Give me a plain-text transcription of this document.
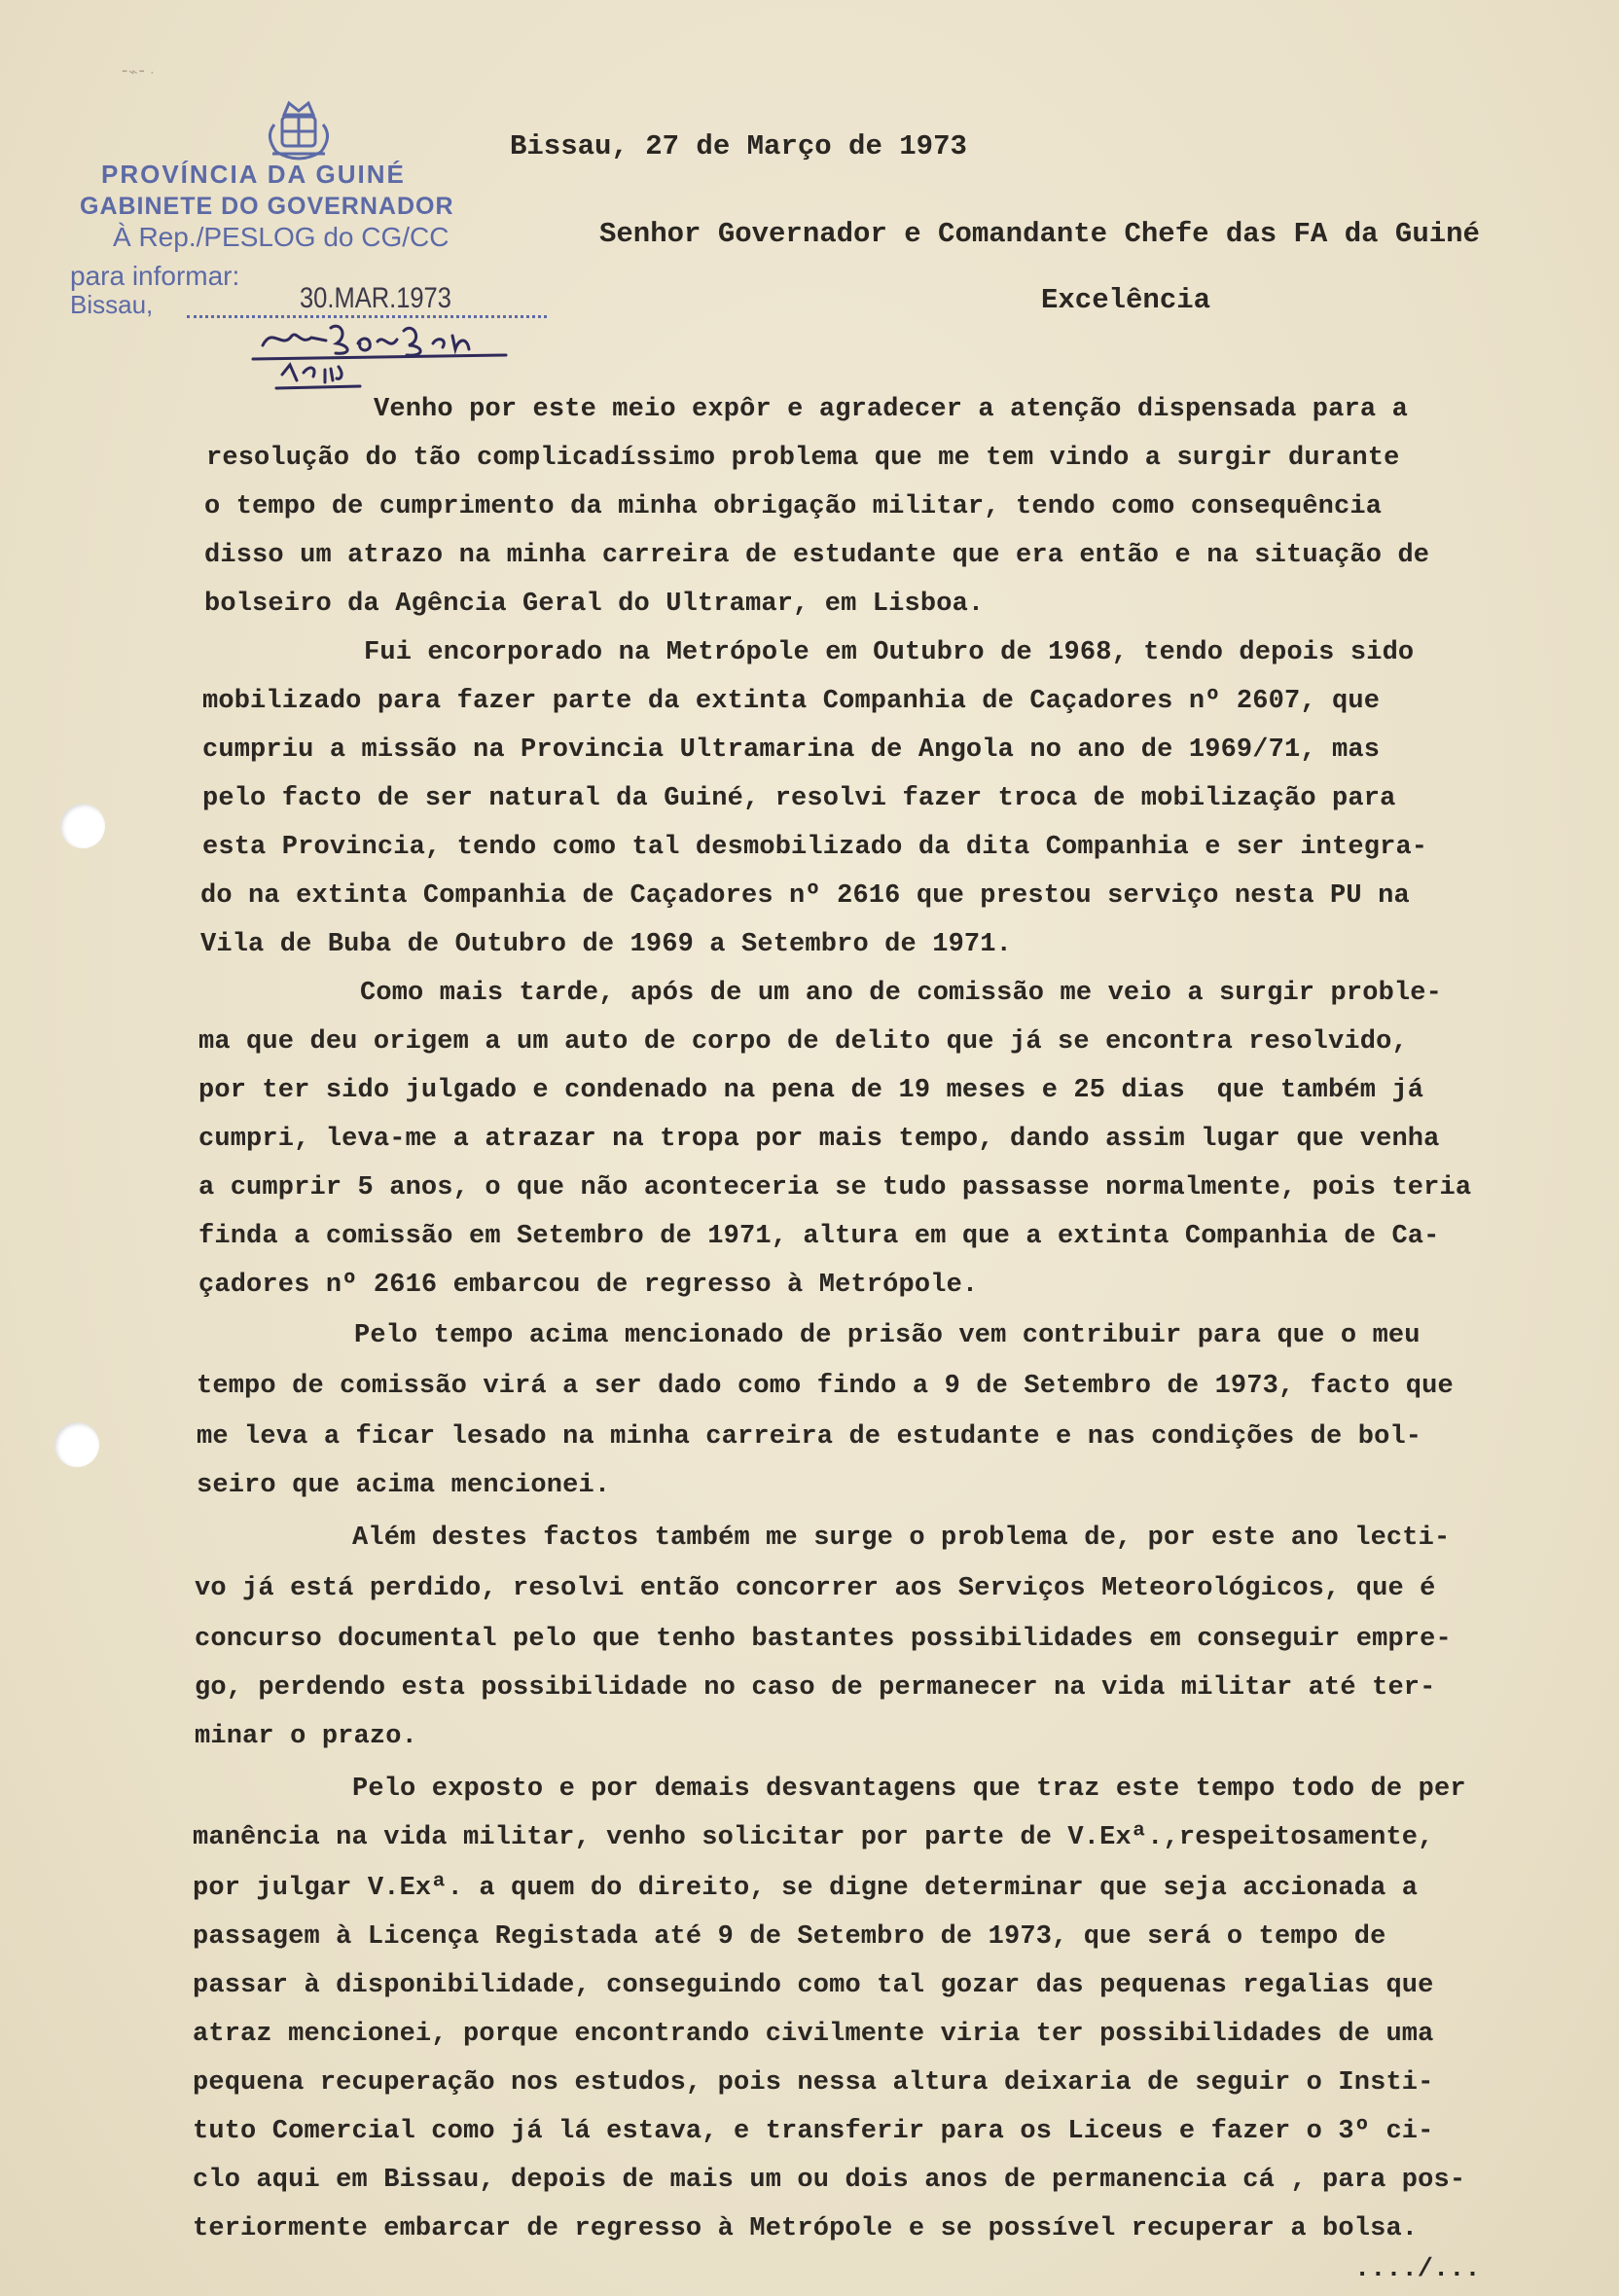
PROVÍNCIA DA GUINÉ
GABINETE DO GOVERNADOR
À Rep./PESLOG do CG/CC
para informar:
Bissau,	30.MAR.1973
⁃⌁⁃ ∙
Bissau, 27 de Março de 1973
Senhor Governador e Comandante Chefe das FA da Guiné
Excelência
Venho por este meio expôr e agradecer a atenção dispensada para a
resolução do tão complicadíssimo problema que me tem vindo a surgir durante
o tempo de cumprimento da minha obrigação militar, tendo como consequência
disso um atrazo na minha carreira de estudante que era então e na situação de
bolseiro da Agência Geral do Ultramar, em Lisboa.
Fui encorporado na Metrópole em Outubro de 1968, tendo depois sido
mobilizado para fazer parte da extinta Companhia de Caçadores nº 2607, que
cumpriu a missão na Provincia Ultramarina de Angola no ano de 1969/71, mas
pelo facto de ser natural da Guiné, resolvi fazer troca de mobilização para
esta Provincia, tendo como tal desmobilizado da dita Companhia e ser integra-
do na extinta Companhia de Caçadores nº 2616 que prestou serviço nesta PU na
Vila de Buba de Outubro de 1969 a Setembro de 1971.
Como mais tarde, após de um ano de comissão me veio a surgir proble-
ma que deu origem a um auto de corpo de delito que já se encontra resolvido,
por ter sido julgado e condenado na pena de 19 meses e 25 dias  que também já
cumpri, leva-me a atrazar na tropa por mais tempo, dando assim lugar que venha
a cumprir 5 anos, o que não aconteceria se tudo passasse normalmente, pois teria
finda a comissão em Setembro de 1971, altura em que a extinta Companhia de Ca-
çadores nº 2616 embarcou de regresso à Metrópole.
Pelo tempo acima mencionado de prisão vem contribuir para que o meu
tempo de comissão virá a ser dado como findo a 9 de Setembro de 1973, facto que
me leva a ficar lesado na minha carreira de estudante e nas condições de bol-
seiro que acima mencionei.
Além destes factos também me surge o problema de, por este ano lecti-
vo já está perdido, resolvi então concorrer aos Serviços Meteorológicos, que é
concurso documental pelo que tenho bastantes possibilidades em conseguir empre-
go, perdendo esta possibilidade no caso de permanecer na vida militar até ter-
minar o prazo.
Pelo exposto e por demais desvantagens que traz este tempo todo de per
manência na vida militar, venho solicitar por parte de V.Exª.,respeitosamente,
por julgar V.Exª. a quem do direito, se digne determinar que seja accionada a
passagem à Licença Registada até 9 de Setembro de 1973, que será o tempo de
passar à disponibilidade, conseguindo como tal gozar das pequenas regalias que
atraz mencionei, porque encontrando civilmente viria ter possibilidades de uma
pequena recuperação nos estudos, pois nessa altura deixaria de seguir o Insti-
tuto Comercial como já lá estava, e transferir para os Liceus e fazer o 3º ci-
clo aqui em Bissau, depois de mais um ou dois anos de permanencia cá , para pos-
teriormente embarcar de regresso à Metrópole e se possível recuperar a bolsa.
..../...
